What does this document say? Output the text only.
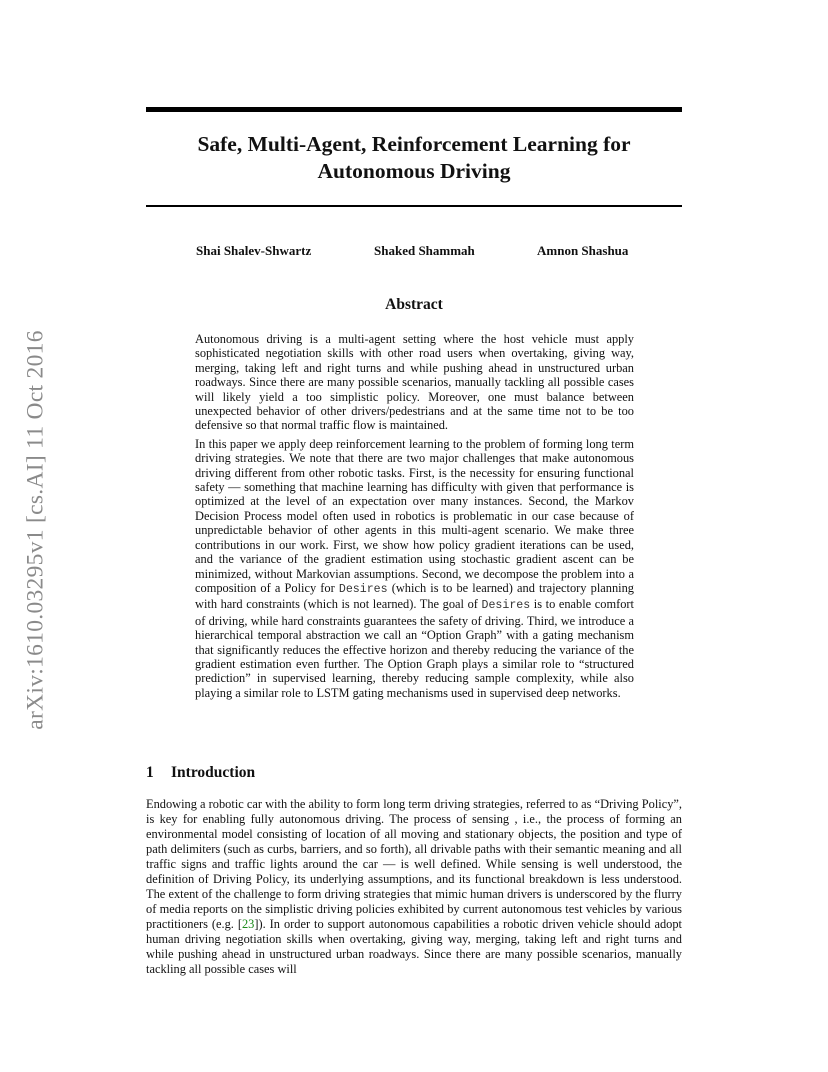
arXiv:1610.03295v1 [cs.AI] 11 Oct 2016
Safe, Multi-Agent, Reinforcement Learning for
Autonomous Driving
Shai Shalev-Shwartz	Shaked Shammah	Amnon Shashua
Abstract

Autonomous driving is a multi-agent setting where the host vehicle must apply sophisticated negotiation skills with other road users when overtaking, giving way, merging, taking left and right turns and while pushing ahead in unstructured urban roadways. Since there are many possible scenarios, manually tackling all possible cases will likely yield a too simplistic policy. Moreover, one must balance between unexpected behavior of other drivers/pedestrians and at the same time not to be too defensive so that normal traffic flow is maintained.

In this paper we apply deep reinforcement learning to the problem of forming long term driving strategies. We note that there are two major challenges that make autonomous driving different from other robotic tasks. First, is the necessity for ensuring functional safety — something that machine learning has difficulty with given that performance is optimized at the level of an expectation over many instances. Second, the Markov Decision Process model often used in robotics is problematic in our case because of unpredictable behavior of other agents in this multi-agent scenario. We make three contributions in our work. First, we show how policy gradient iterations can be used, and the variance of the gradient estimation using stochastic gradient ascent can be minimized, without Markovian assumptions. Second, we decompose the problem into a composition of a Policy for Desires (which is to be learned) and trajectory planning with hard constraints (which is not learned). The goal of Desires is to enable comfort of driving, while hard constraints guarantees the safety of driving. Third, we introduce a hierarchical temporal abstraction we call an “Option Graph” with a gating mechanism that significantly reduces the effective horizon and thereby reducing the variance of the gradient estimation even further. The Option Graph plays a similar role to “structured prediction” in supervised learning, thereby reducing sample complexity, while also playing a similar role to LSTM gating mechanisms used in supervised deep networks.

1 Introduction

Endowing a robotic car with the ability to form long term driving strategies, referred to as “Driving Policy”, is key for enabling fully autonomous driving. The process of sensing , i.e., the process of forming an environmental model consisting of location of all moving and stationary objects, the position and type of path delimiters (such as curbs, barriers, and so forth), all drivable paths with their semantic meaning and all traffic signs and traffic lights around the car — is well defined. While sensing is well understood, the definition of Driving Policy, its underlying assumptions, and its functional breakdown is less understood. The extent of the challenge to form driving strategies that mimic human drivers is underscored by the flurry of media reports on the simplistic driving policies exhibited by current autonomous test vehicles by various practitioners (e.g. [23]). In order to support autonomous capabilities a robotic driven vehicle should adopt human driving negotiation skills when overtaking, giving way, merging, taking left and right turns and while pushing ahead in unstructured urban roadways. Since there are many possible scenarios, manually tackling all possible cases will
